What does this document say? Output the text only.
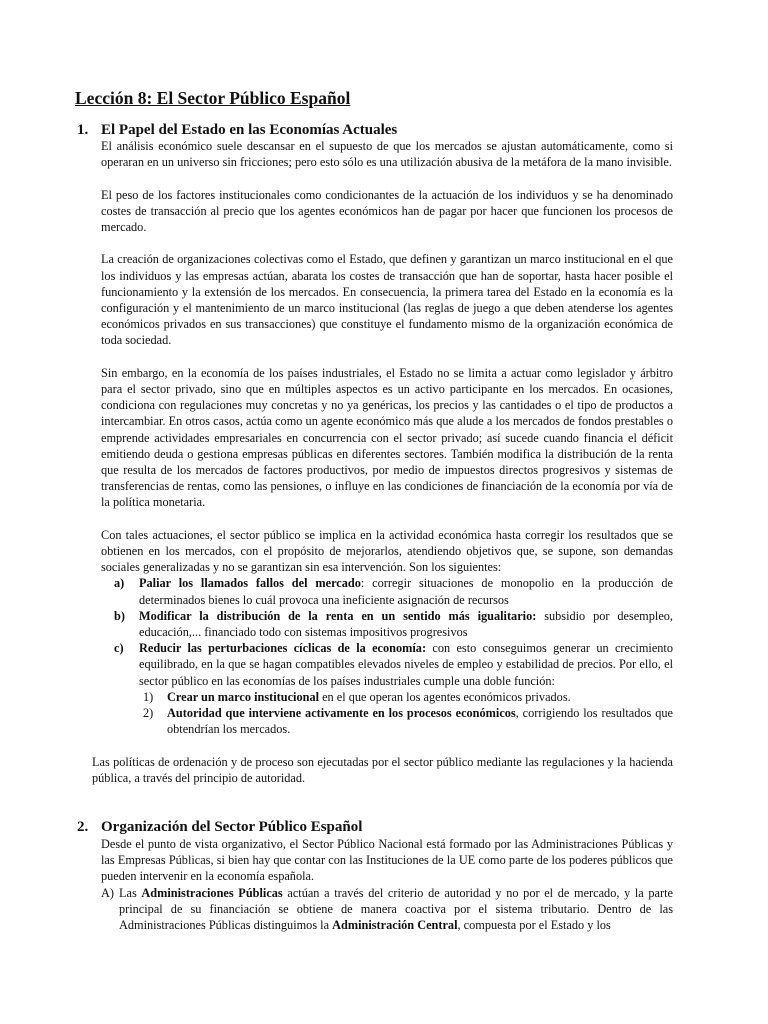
Lección 8: El Sector Público Español
1. El Papel del Estado en las Economías Actuales

El análisis económico suele descansar en el supuesto de que los mercados se ajustan automáticamente, como si operaran en un universo sin fricciones; pero esto sólo es una utilización abusiva de la metáfora de la mano invisible.

El peso de los factores institucionales como condicionantes de la actuación de los individuos y se ha denominado costes de transacción al precio que los agentes económicos han de pagar por hacer que funcionen los procesos de mercado.

La creación de organizaciones colectivas como el Estado, que definen y garantizan un marco institucional en el que los individuos y las empresas actúan, abarata los costes de transacción que han de soportar, hasta hacer posible el funcionamiento y la extensión de los mercados. En consecuencia, la primera tarea del Estado en la economía es la configuración y el mantenimiento de un marco institucional (las reglas de juego a que deben atenderse los agentes económicos privados en sus transacciones) que constituye el fundamento mismo de la organización económica de toda sociedad.

Sin embargo, en la economía de los países industriales, el Estado no se limita a actuar como legislador y árbitro para el sector privado, sino que en múltiples aspectos es un activo participante en los mercados. En ocasiones, condiciona con regulaciones muy concretas y no ya genéricas, los precios y las cantidades o el tipo de productos a intercambiar. En otros casos, actúa como un agente económico más que alude a los mercados de fondos prestables o emprende actividades empresariales en concurrencia con el sector privado; así sucede cuando financia el déficit emitiendo deuda o gestiona empresas públicas en diferentes sectores. También modifica la distribución de la renta que resulta de los mercados de factores productivos, por medio de impuestos directos progresivos y sistemas de transferencias de rentas, como las pensiones, o influye en las condiciones de financiación de la economía por vía de la política monetaria.

Con tales actuaciones, el sector público se implica en la actividad económica hasta corregir los resultados que se obtienen en los mercados, con el propósito de mejorarlos, atendiendo objetivos que, se supone, son demandas sociales generalizadas y no se garantizan sin esa intervención. Son los siguientes:

a) Paliar los llamados fallos del mercado: corregir situaciones de monopolio en la producción de determinados bienes lo cuál provoca una ineficiente asignación de recursos
b) Modificar la distribución de la renta en un sentido más igualitario: subsidio por desempleo, educación,... financiado todo con sistemas impositivos progresivos
c) Reducir las perturbaciones cíclicas de la economía: con esto conseguimos generar un crecimiento equilibrado, en la que se hagan compatibles elevados niveles de empleo y estabilidad de precios. Por ello, el sector público en las economías de los países industriales cumple una doble función:
1) Crear un marco institucional en el que operan los agentes económicos privados.
2) Autoridad que interviene activamente en los procesos económicos, corrigiendo los resultados que obtendrían los mercados.

Las políticas de ordenación y de proceso son ejecutadas por el sector público mediante las regulaciones y la hacienda pública, a través del principio de autoridad.

2. Organización del Sector Público Español

Desde el punto de vista organizativo, el Sector Público Nacional está formado por las Administraciones Públicas y las Empresas Públicas, si bien hay que contar con las Instituciones de la UE como parte de los poderes públicos que pueden intervenir en la economía española.

A) Las Administraciones Públicas actúan a través del criterio de autoridad y no por el de mercado, y la parte principal de su financiación se obtiene de manera coactiva por el sistema tributario. Dentro de las Administraciones Públicas distinguimos la Administración Central, compuesta por el Estado y los
